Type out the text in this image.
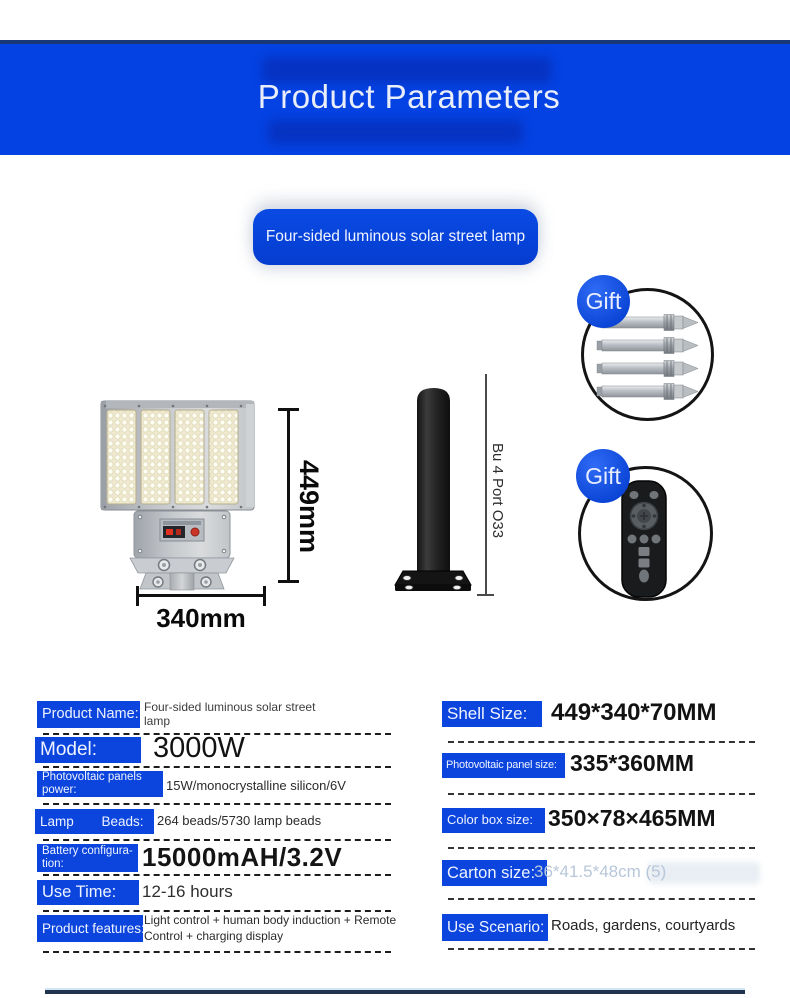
Product Parameters
Four-sided luminous solar street lamp
449mm
340mm
Bu 4 Port O33
Gift
Gift
Product Name: Four-sided luminous solar street lamp
Model:	3000W
Photovoltaic panels power:	15W/monocrystalline silicon/6V
Lamp Beads:	264 beads/5730 lamp beads
Battery configura-tion:	15000mAH/3.2V
Use Time:	12-16 hours
Product features:
Light control + human body induction + Remote Control + charging display
Shell Size: 449*340*70MM
Photovoltaic panel size: 335*360MM
Color box size: 350×78×465MM
Carton size:
36*41.5*48cm (5)
Use Scenario: Roads, gardens, courtyards
